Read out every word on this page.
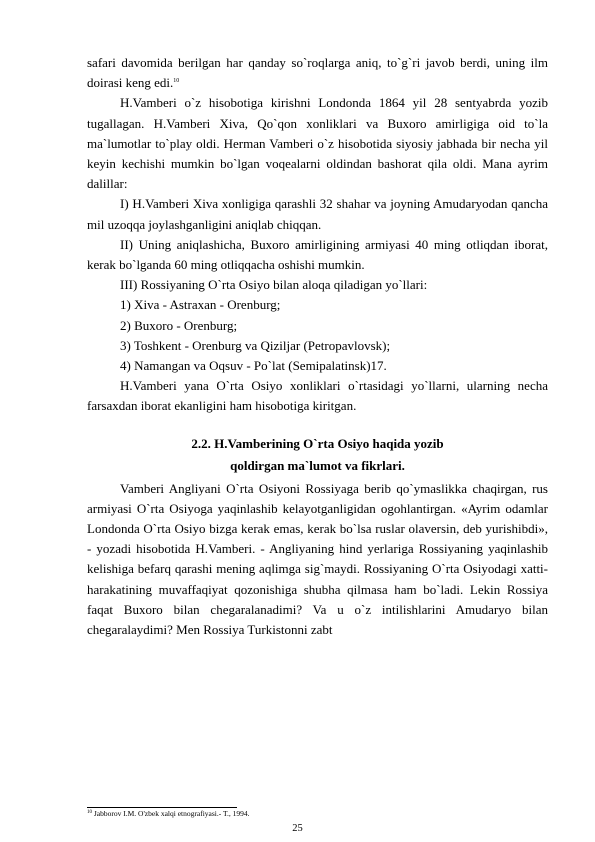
safari davomida berilgan har qanday so`roqlarga aniq, to`g`ri javob berdi, uning ilm doirasi keng edi.$^{10}$

H.Vamberi o`z hisobotiga kirishni Londonda 1864 yil 28 sentyabrda yozib tugallagan. H.Vamberi Xiva, Qo`qon xonliklari va Buxoro amirligiga oid to`la ma`lumotlar to`play oldi. Herman Vamberi o`z hisobotida siyosiy jabhada bir necha yil keyin kechishi mumkin bo`lgan voqealarni oldindan bashorat qila oldi. Mana ayrim dalillar:

I) H.Vamberi Xiva xonligiga qarashli 32 shahar va joyning Amudaryodan qancha mil uzoqqa joylashganligini aniqlab chiqqan.

II) Uning aniqlashicha, Buxoro amirligining armiyasi 40 ming otliqdan iborat, kerak bo`lganda 60 ming otliqqacha oshishi mumkin.

III) Rossiyaning O`rta Osiyo bilan aloqa qiladigan yo`llari:

1) Xiva - Astraxan - Orenburg;

2) Buxoro - Orenburg;

3) Toshkent - Orenburg va Qiziljar (Petropavlovsk);

4) Namangan va Oqsuv - Po`lat (Semipalatinsk)17.

H.Vamberi yana O`rta Osiyo xonliklari o`rtasidagi yo`llarni, ularning necha farsaxdan iborat ekanligini ham hisobotiga kiritgan.

2.2. H.Vamberining O`rta Osiyo haqida yozib
qoldirgan ma`lumot va fikrlari.

Vamberi Angliyani O`rta Osiyoni Rossiyaga berib qo`ymaslikka chaqirgan, rus armiyasi O`rta Osiyoga yaqinlashib kelayotganligidan ogohlantirgan. «Ayrim odamlar Londonda O`rta Osiyo bizga kerak emas, kerak bo`lsa ruslar olaversin, deb yurishibdi», - yozadi hisobotida H.Vamberi. - Angliyaning hind yerlariga Rossiyaning yaqinlashib kelishiga befarq qarashi mening aqlimga sig`maydi. Rossiyaning O`rta Osiyodagi xatti-harakatining muvaffaqiyat qozonishiga shubha qilmasa ham bo`ladi. Lekin Rossiya faqat Buxoro bilan chegaralanadimi? Va u o`z intilishlarini Amudaryo bilan chegaralaydimi? Men Rossiya Turkistonni zabt

$^{10}$ Jabborov I.M. O'zbek xalqi etnografiyasi.- T., 1994.
25
